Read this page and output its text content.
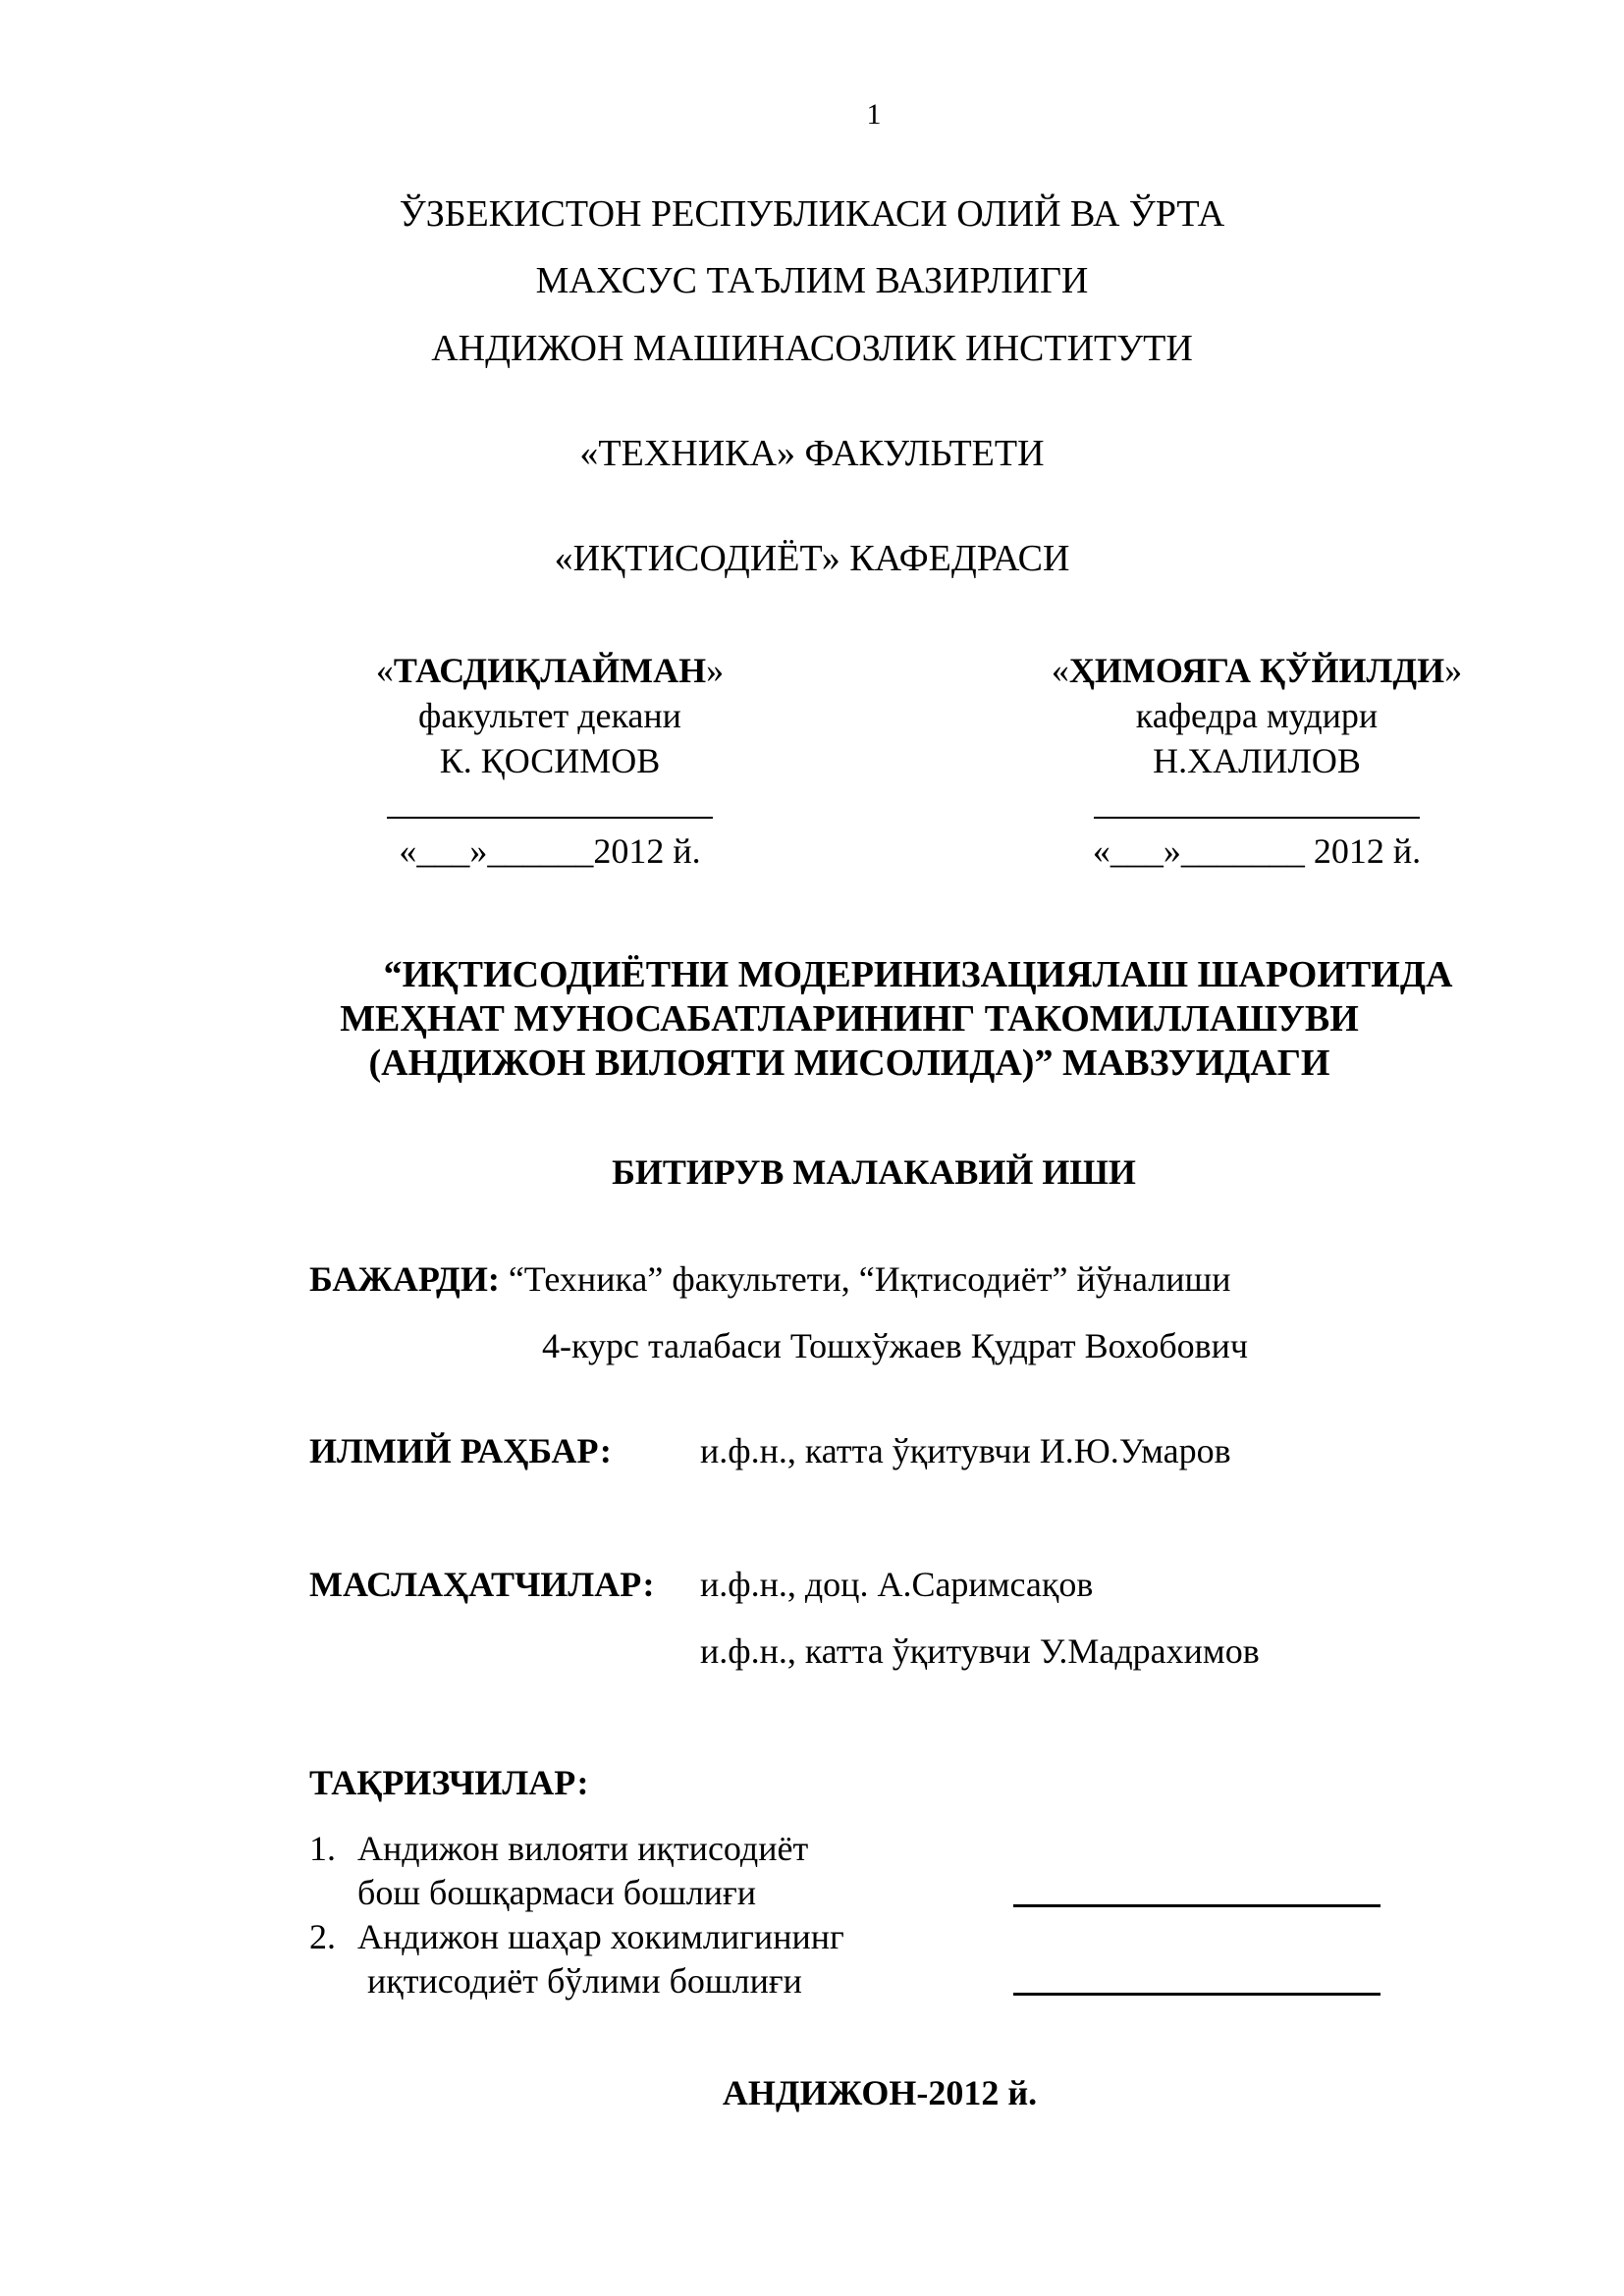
1
ЎЗБЕКИСТОН РЕСПУБЛИКАСИ ОЛИЙ ВА ЎРТА
МАХСУС ТАЪЛИМ ВАЗИРЛИГИ
АНДИЖОН МАШИНАСОЗЛИК ИНСТИТУТИ
«ТЕХНИКА» ФАКУЛЬТЕТИ
«ИҚТИСОДИЁТ» КАФЕДРАСИ
«ТАСДИҚЛАЙМАН»
факультет декани
К. ҚОСИМОВ
«___»______2012 й.
«ҲИМОЯГА ҚЎЙИЛДИ»
кафедра мудири
Н.ХАЛИЛОВ
«___»_______ 2012 й.
“ИҚТИСОДИЁТНИ МОДЕРИНИЗАЦИЯЛАШ ШАРОИТИДА
МЕҲНАТ МУНОСАБАТЛАРИНИНГ ТАКОМИЛЛАШУВИ
(АНДИЖОН ВИЛОЯТИ МИСОЛИДА)” МАВЗУИДАГИ
БИТИРУВ МАЛАКАВИЙ ИШИ
БАЖАРДИ: “Техника” факультети, “Иқтисодиёт” йўналиши
4-курс талабаси Тошхўжаев Қудрат Вохобович
ИЛМИЙ РАҲБАР:	и.ф.н., катта ўқитувчи И.Ю.Умаров
МАСЛАҲАТЧИЛАР: и.ф.н., доц. А.Саримсақов
и.ф.н., катта ўқитувчи У.Мадрахимов
ТАҚРИЗЧИЛАР:
1. Андижон вилояти иқтисодиёт
бош бошқармаси бошлиғи
2. Андижон шаҳар хокимлигининг
иқтисодиёт бўлими бошлиғи
АНДИЖОН-2012 й.
